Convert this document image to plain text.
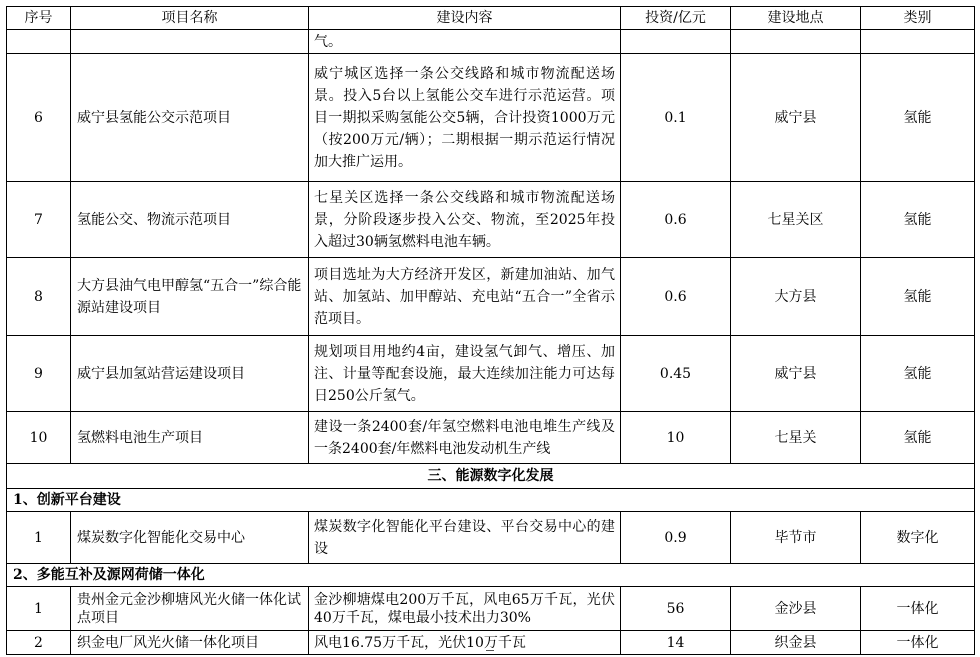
序号	项目名称	建设内容	投资/亿元	建设地点	类别
		气。			
6	威宁县氢能公交示范项目	威宁城区选择一条公交线路和城市物流配送场景。投入5台以上氢能公交车进行示范运营。项目一期拟采购氢能公交5辆，合计投资1000万元（按200万元/辆）；二期根据一期示范运行情况加大推广运用。	0.1	威宁县	氢能
7	氢能公交、物流示范项目	七星关区选择一条公交线路和城市物流配送场景，分阶段逐步投入公交、物流，至2025年投入超过30辆氢燃料电池车辆。	0.6	七星关区	氢能
8	大方县油气电甲醇氢“五合一”综合能源站建设项目	项目选址为大方经济开发区，新建加油站、加气站、加氢站、加甲醇站、充电站“五合一”全省示范项目。	0.6	大方县	氢能
9	威宁县加氢站营运建设项目	规划项目用地约4亩，建设氢气卸气、增压、加注、计量等配套设施，最大连续加注能力可达每日250公斤氢气。	0.45	威宁县	氢能
10	氢燃料电池生产项目	建设一条2400套/年氢空燃料电池电堆生产线及一条2400套/年燃料电池发动机生产线	10	七星关	氢能
三、能源数字化发展					
1、创新平台建设					
1	煤炭数字化智能化交易中心	煤炭数字化智能化平台建设、平台交易中心的建设	0.9	毕节市	数字化
2、多能互补及源网荷储一体化					
1	贵州金元金沙柳塘风光火储一体化试点项目	金沙柳塘煤电200万千瓦，风电65万千瓦，光伏40万千瓦，煤电最小技术出力30%	56	金沙县	一体化
2	织金电厂风光火储一体化项目	风电16.75万千瓦，光伏10万千瓦	14	织金县	一体化
